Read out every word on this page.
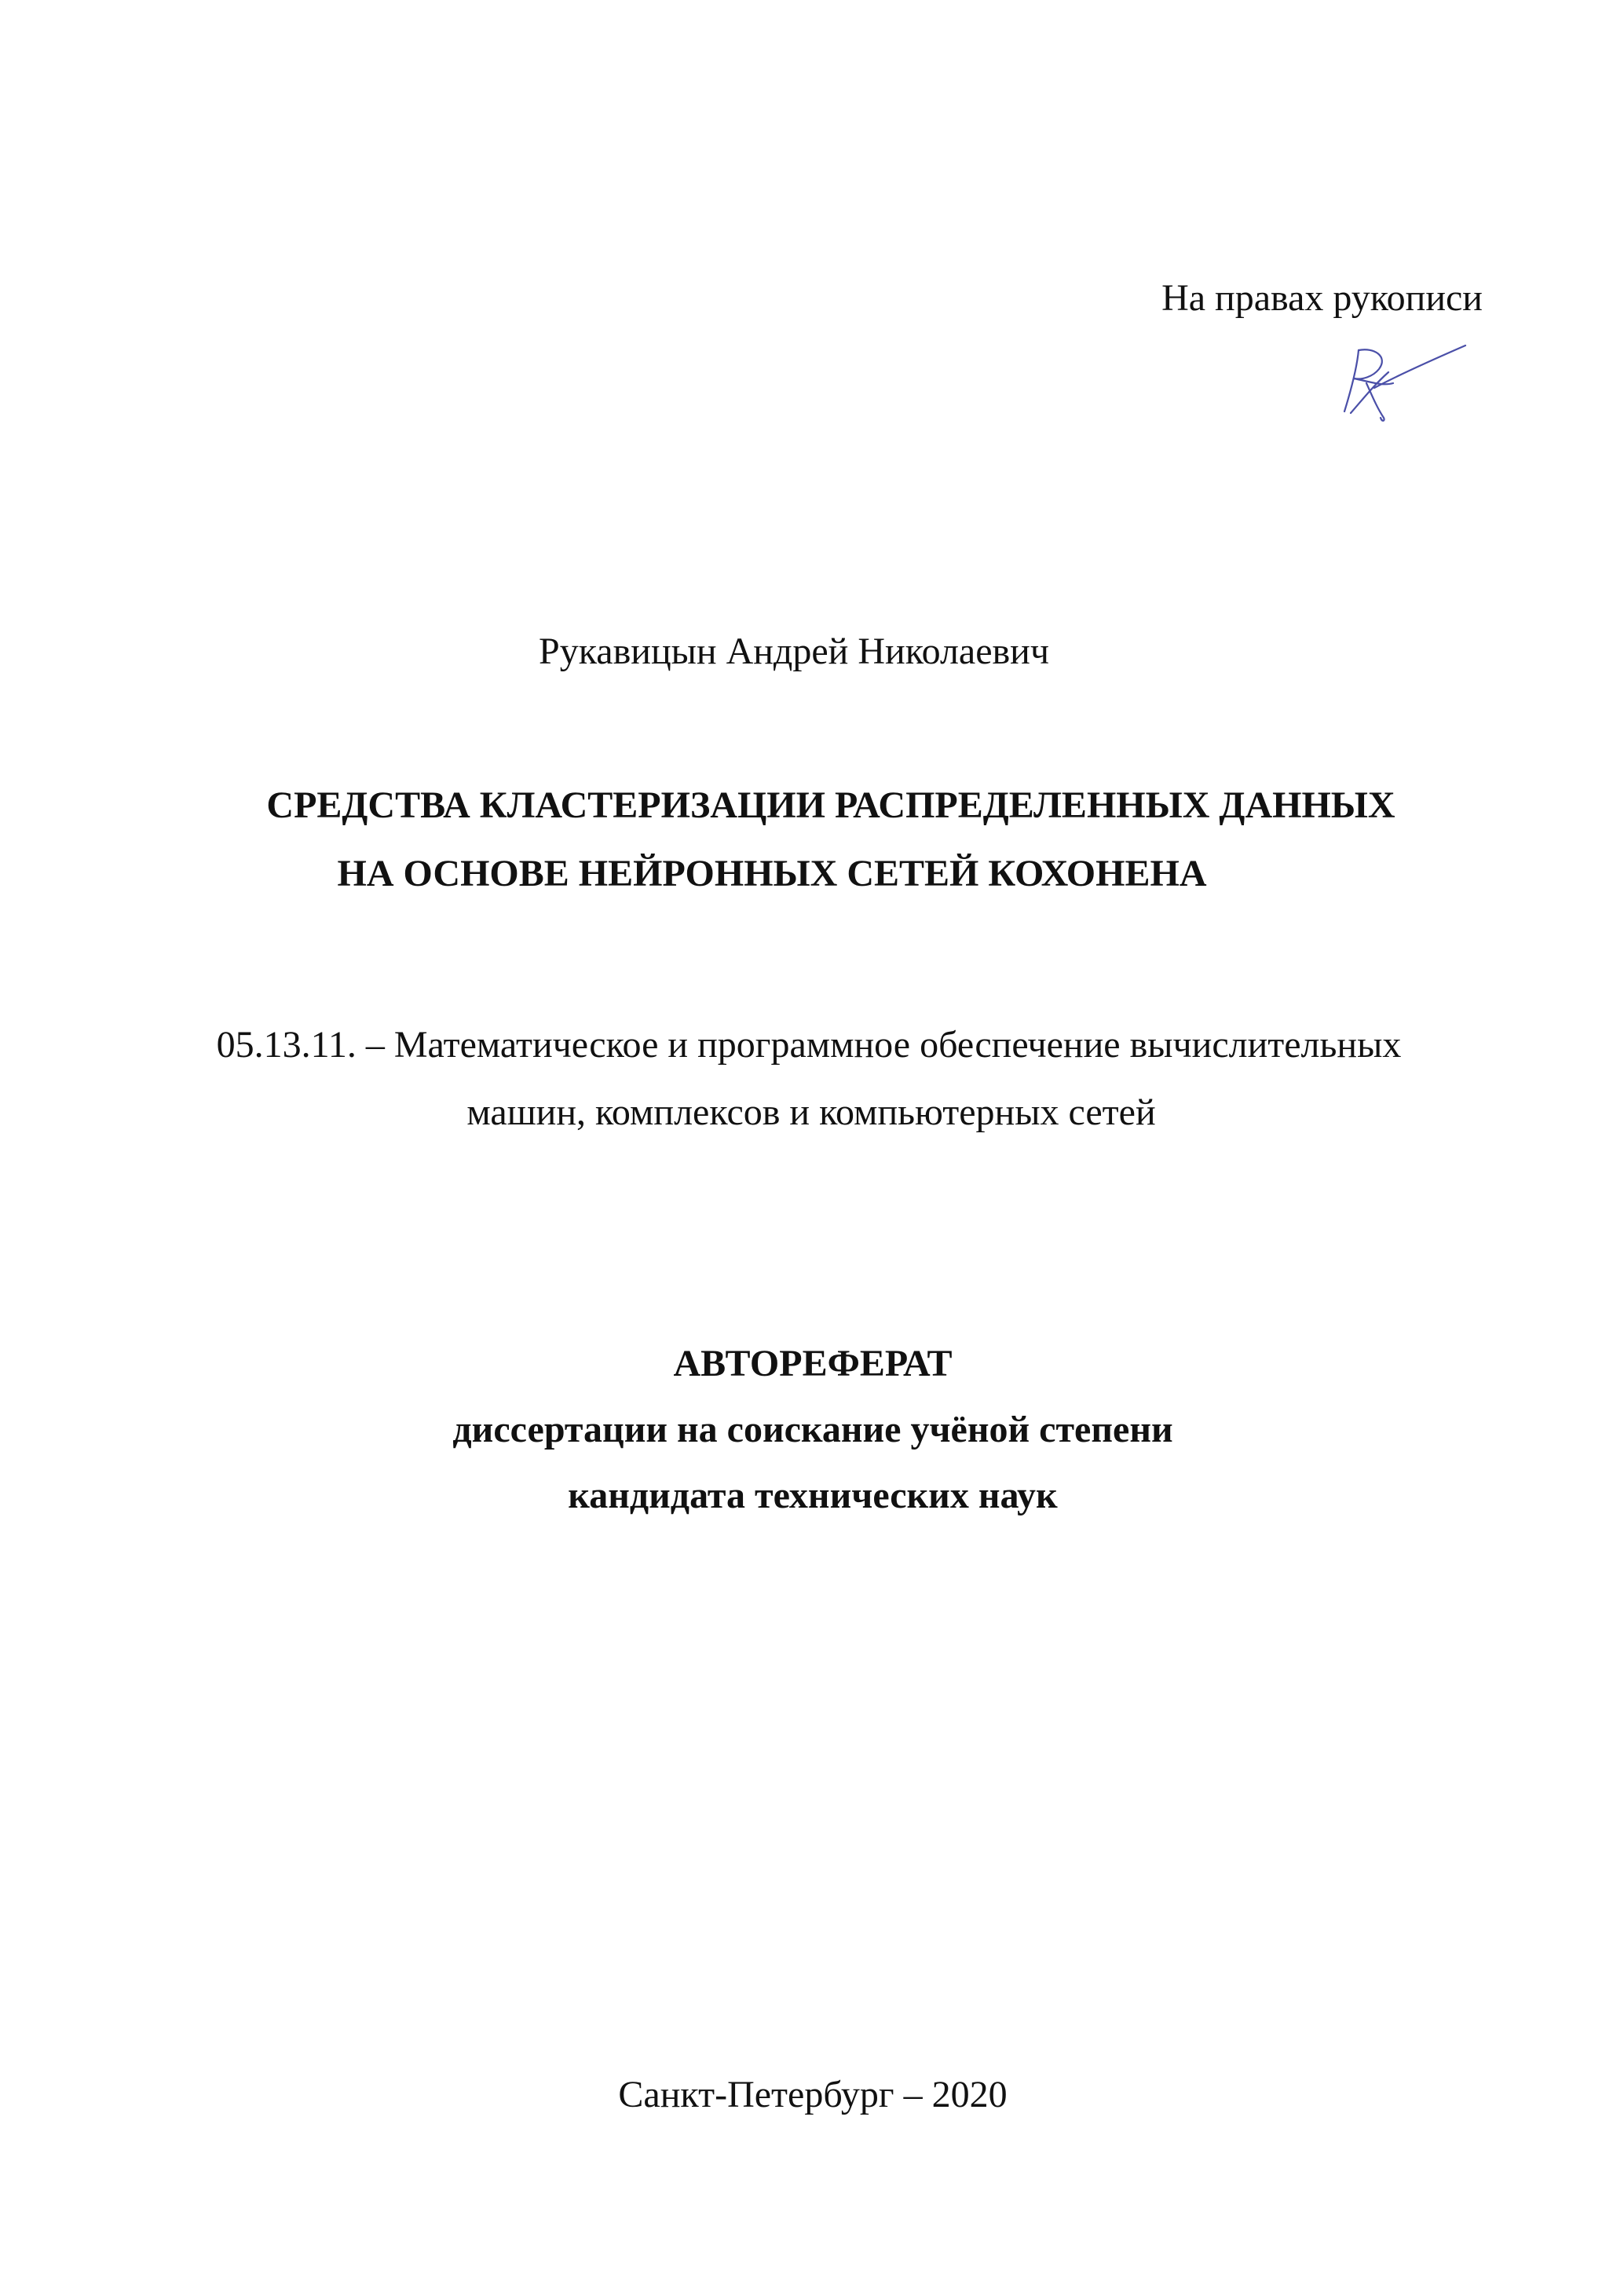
На правах рукописи

Рукавицын Андрей Николаевич

СРЕДСТВА КЛАСТЕРИЗАЦИИ РАСПРЕДЕЛЕННЫХ ДАННЫХ

НА ОСНОВЕ НЕЙРОННЫХ СЕТЕЙ КОХОНЕНА

05.13.11. – Математическое и программное обеспечение вычислительных

машин, комплексов и компьютерных сетей

АВТОРЕФЕРАТ

диссертации на соискание учёной степени

кандидата технических наук

Санкт-Петербург – 2020
